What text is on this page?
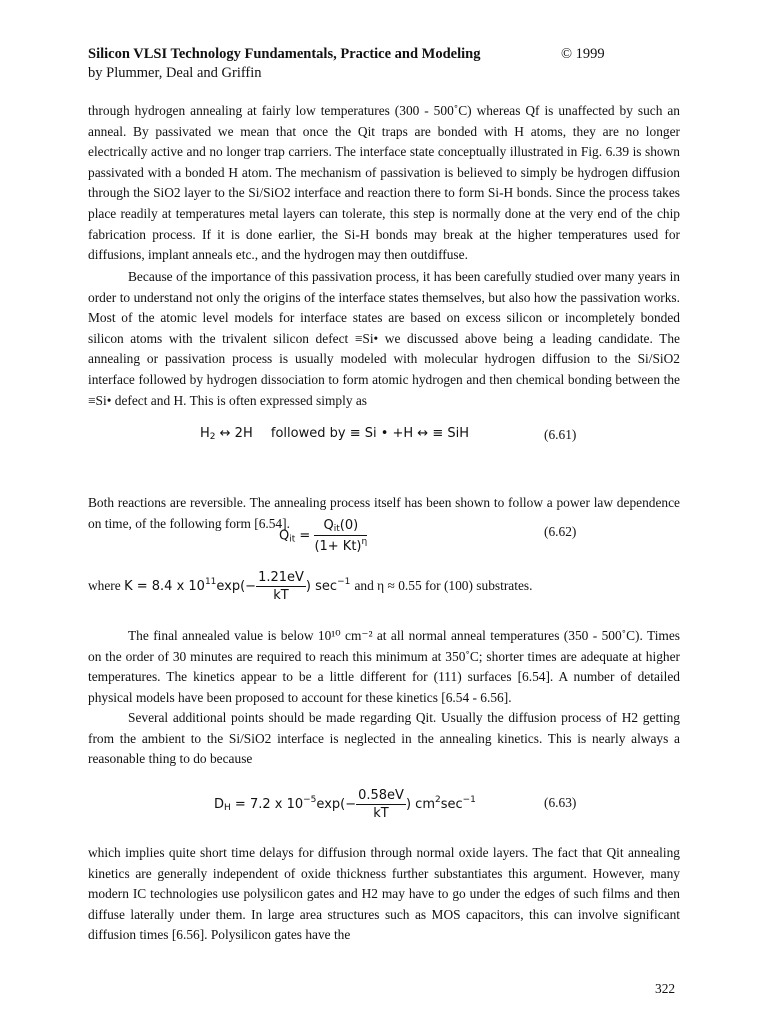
Silicon VLSI Technology Fundamentals, Practice and Modeling	© 1999
by Plummer, Deal and Griffin

through hydrogen annealing at fairly low temperatures (300 - 500˚C) whereas Qf is unaffected by such an anneal. By passivated we mean that once the Qit traps are bonded with H atoms, they are no longer electrically active and no longer trap carriers. The interface state conceptually illustrated in Fig. 6.39 is shown passivated with a bonded H atom. The mechanism of passivation is believed to simply be hydrogen diffusion through the SiO2 layer to the Si/SiO2 interface and reaction there to form Si-H bonds. Since the process takes place readily at temperatures metal layers can tolerate, this step is normally done at the very end of the chip fabrication process. If it is done earlier, the Si-H bonds may break at the higher temperatures used for diffusions, implant anneals etc., and the hydrogen may then outdiffuse.

Because of the importance of this passivation process, it has been carefully studied over many years in order to understand not only the origins of the interface states themselves, but also how the passivation works. Most of the atomic level models for interface states are based on excess silicon or incompletely bonded silicon atoms with the trivalent silicon defect ≡Si• we discussed above being a leading candidate. The annealing or passivation process is usually modeled with molecular hydrogen diffusion to the Si/SiO2 interface followed by hydrogen dissociation to form atomic hydrogen and then chemical bonding between the ≡Si• defect and H. This is often expressed simply as

$H_2$ ↔ 2H followed by ≡ Si • +H ↔ ≡ SiH	(6.61)

Both reactions are reversible. The annealing process itself has been shown to follow a power law dependence on time, of the following form [6.54].

$Q_{it} = \frac{Q_{it}(0)}{(1+ Kt)^\eta}$	(6.62)
where K = 8.4 x $10^{11}\exp(- \frac{1.21eV}{kT}$ ) $\sec^{-1}$ and η ≈ 0.55 for (100) substrates.

The final annealed value is below 10¹⁰ cm⁻² at all normal anneal temperatures (350 - 500˚C). Times on the order of 30 minutes are required to reach this minimum at 350˚C; shorter times are adequate at higher temperatures. The kinetics appear to be a little different for (111) surfaces [6.54]. A number of detailed physical models have been proposed to account for these kinetics [6.54 - 6.56].

Several additional points should be made regarding Qit. Usually the diffusion process of H2 getting from the ambient to the Si/SiO2 interface is neglected in the annealing kinetics. This is nearly always a reasonable thing to do because

$D_H = 7.2$ x $10^{-5}\exp(- \frac{0.58eV}{kT}$ ) $cm^2\sec^{-1}$	(6.63)

which implies quite short time delays for diffusion through normal oxide layers. The fact that Qit annealing kinetics are generally independent of oxide thickness further substantiates this argument. However, many modern IC technologies use polysilicon gates and H2 may have to go under the edges of such films and then diffuse laterally under them. In large area structures such as MOS capacitors, this can involve significant diffusion times [6.56]. Polysilicon gates have the

322
